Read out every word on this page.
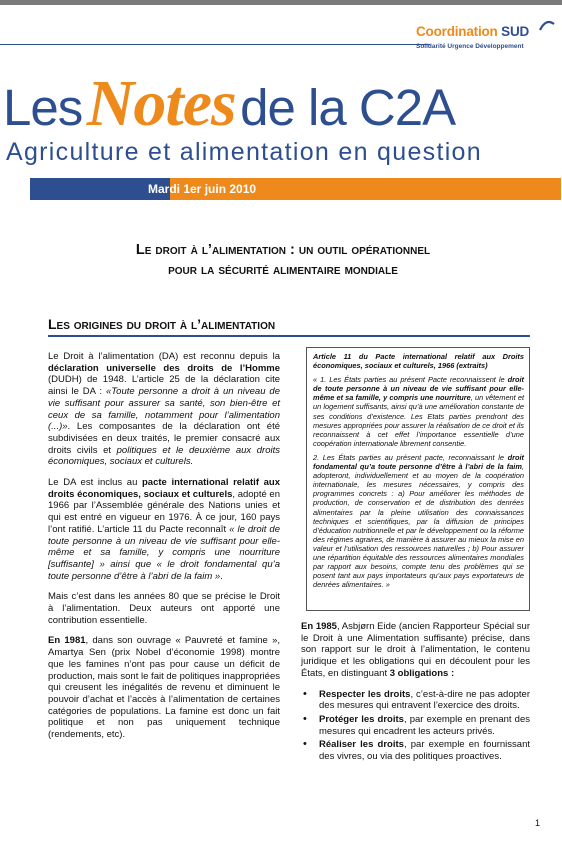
Coordination SUD
Solidarité Urgence Développement
Les Notes de la C2A
Agriculture et alimentation en question
Mardi 1er juin 2010
Le droit à l’alimentation : un outil opérationnel
pour la sécurité alimentaire mondiale
Les origines du droit à l’alimentation

Le Droit à l’alimentation (DA) est reconnu depuis la déclaration universelle des droits de l’Homme (DUDH) de 1948. L’article 25 de la déclaration cite ainsi le DA : «Toute personne a droit à un niveau de vie suffisant pour assurer sa santé, son bien-être et ceux de sa famille, notamment pour l’alimentation (...)». Les composantes de la déclaration ont été subdivisées en deux traités, le premier consacré aux droits civils et politiques et le deuxième aux droits économiques, sociaux et culturels.

Le DA est inclus au pacte international relatif aux droits économiques, sociaux et culturels, adopté en 1966 par l’Assemblée générale des Nations unies et qui est entré en vigueur en 1976. À ce jour, 160 pays l’ont ratifié. L’article 11 du Pacte reconnaît « le droit de toute personne à un niveau de vie suffisant pour elle-même et sa famille, y compris une nourriture [suffisante] » ainsi que « le droit fondamental qu’a toute personne d’être à l’abri de la faim ».

Mais c’est dans les années 80 que se précise le Droit à l’alimentation. Deux auteurs ont apporté une contribution essentielle.

En 1981, dans son ouvrage « Pauvreté et famine », Amartya Sen (prix Nobel d’économie 1998) montre que les famines n’ont pas pour cause un déficit de production, mais sont le fait de politiques inappropriées qui creusent les inégalités de revenu et diminuent le pouvoir d’achat et l’accès à l’alimentation de certaines catégories de populations. La famine est donc un fait politique et non pas uniquement technique (rendements, etc).

Article 11 du Pacte international relatif aux Droits économiques, sociaux et culturels, 1966 (extraits)

« 1. Les États parties au présent Pacte reconnaissent le droit de toute personne à un niveau de vie suffisant pour elle-même et sa famille, y compris une nourriture, un vêtement et un logement suffisants, ainsi qu’à une amélioration constante de ses conditions d’existence. Les Etats parties prendront des mesures appropriées pour assurer la réalisation de ce droit et ils reconnaissent à cet effet l’importance essentielle d’une coopération internationale librement consentie.

2. Les États parties au présent pacte, reconnaissant le droit fondamental qu’a toute personne d’être à l’abri de la faim, adopteront, individuellement et au moyen de la coopération internationale, les mesures nécessaires, y compris des programmes concrets : a) Pour améliorer les méthodes de production, de conservation et de distribution des denrées alimentaires par la pleine utilisation des connaissances techniques et scientifiques, par la diffusion de principes d’éducation nutritionnelle et par le développement ou la réforme des régimes agraires, de manière à assurer au mieux la mise en valeur et l’utilisation des ressources naturelles ; b) Pour assurer une répartition équitable des ressources alimentaires mondiales par rapport aux besoins, compte tenu des problèmes qui se posent tant aux pays importateurs qu’aux pays exportateurs de denrées alimentaires. »

En 1985, Asbjørn Eide (ancien Rapporteur Spécial sur le Droit à une Alimentation suffisante) précise, dans son rapport sur le droit à l’alimentation, le contenu juridique et les obligations qui en découlent pour les États, en distinguant 3 obligations :

• Respecter les droits, c’est-à-dire ne pas adopter des mesures qui entravent l’exercice des droits.
• Protéger les droits, par exemple en prenant des mesures qui encadrent les acteurs privés.
• Réaliser les droits, par exemple en fournissant des vivres, ou via des politiques proactives.
1
